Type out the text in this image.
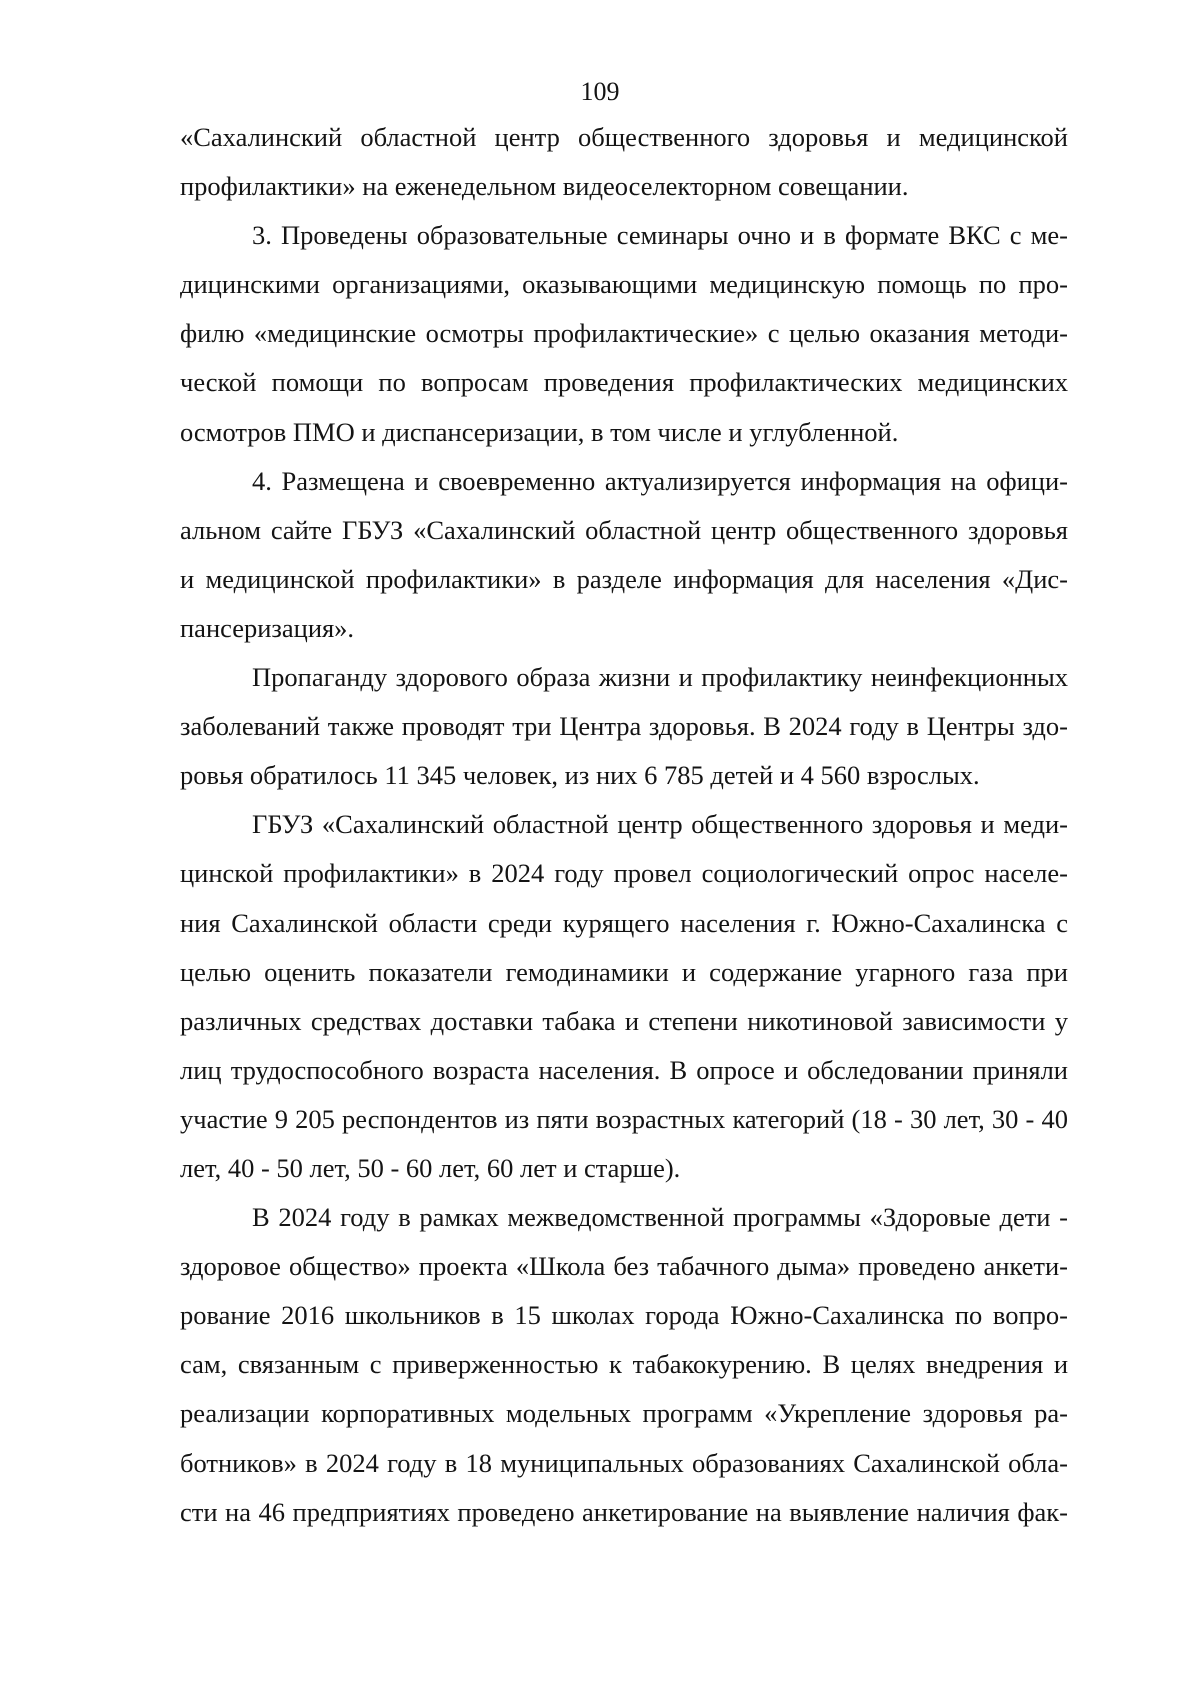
109
«Сахалинский областной центр общественного здоровья и медицинской
профилактики» на еженедельном видеоселекторном совещании.
3. Проведены образовательные семинары очно и в формате ВКС с ме-
дицинскими организациями, оказывающими медицинскую помощь по про-
филю «медицинские осмотры профилактические» с целью оказания методи-
ческой помощи по вопросам проведения профилактических медицинских
осмотров ПМО и диспансеризации, в том числе и углубленной.
4. Размещена и своевременно актуализируется информация на офици-
альном сайте ГБУЗ «Сахалинский областной центр общественного здоровья
и медицинской профилактики» в разделе информация для населения «Дис-
пансеризация».
Пропаганду здорового образа жизни и профилактику неинфекционных
заболеваний также проводят три Центра здоровья. В 2024 году в Центры здо-
ровья обратилось 11 345 человек, из них 6 785 детей и 4 560 взрослых.
ГБУЗ «Сахалинский областной центр общественного здоровья и меди-
цинской профилактики» в 2024 году провел социологический опрос населе-
ния Сахалинской области среди курящего населения г. Южно-Сахалинска с
целью оценить показатели гемодинамики и содержание угарного газа при
различных средствах доставки табака и степени никотиновой зависимости у
лиц трудоспособного возраста населения. В опросе и обследовании приняли
участие 9 205 респондентов из пяти возрастных категорий (18 - 30 лет, 30 - 40
лет, 40 - 50 лет, 50 - 60 лет, 60 лет и старше).
В 2024 году в рамках межведомственной программы «Здоровые дети -
здоровое общество» проекта «Школа без табачного дыма» проведено анкети-
рование 2016 школьников в 15 школах города Южно-Сахалинска по вопро-
сам, связанным с приверженностью к табакокурению. В целях внедрения и
реализации корпоративных модельных программ «Укрепление здоровья ра-
ботников» в 2024 году в 18 муниципальных образованиях Сахалинской обла-
сти на 46 предприятиях проведено анкетирование на выявление наличия фак-
